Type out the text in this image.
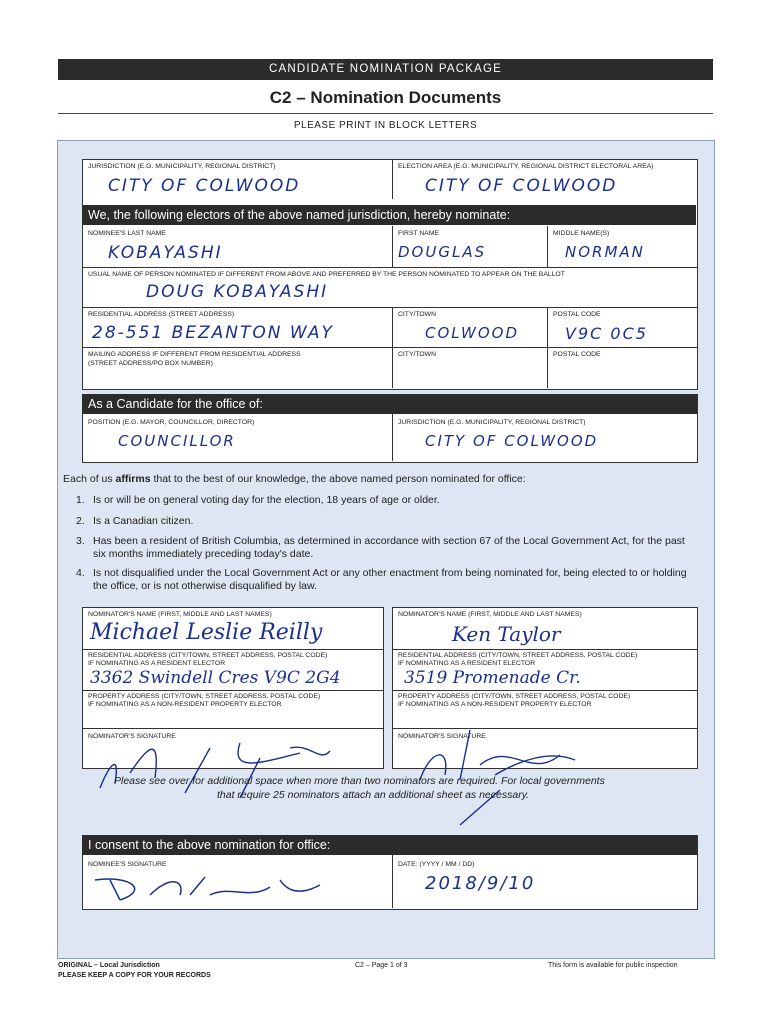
CANDIDATE NOMINATION PACKAGE
C2 – Nomination Documents
PLEASE PRINT IN BLOCK LETTERS
JURISDICTION (E.G. MUNICIPALITY, REGIONAL DISTRICT)
CITY OF COLWOOD
ELECTION AREA (E.G. MUNICIPALITY, REGIONAL DISTRICT ELECTORAL AREA)
CITY OF COLWOOD
We, the following electors of the above named jurisdiction, hereby nominate:
NOMINEE'S LAST NAME
KOBAYASHI
FIRST NAME
DOUGLAS
MIDDLE NAME(S)
NORMAN
USUAL NAME OF PERSON NOMINATED IF DIFFERENT FROM ABOVE AND PREFERRED BY THE PERSON NOMINATED TO APPEAR ON THE BALLOT
DOUG KOBAYASHI
RESIDENTIAL ADDRESS (STREET ADDRESS)
28-551 BEZANTON WAY
CITY/TOWN
COLWOOD
POSTAL CODE
V9C 0C5
MAILING ADDRESS IF DIFFERENT FROM RESIDENTIAL ADDRESS
(STREET ADDRESS/PO BOX NUMBER)
CITY/TOWN	POSTAL CODE
As a Candidate for the office of:
POSITION (E.G. MAYOR, COUNCILLOR, DIRECTOR)
COUNCILLOR
JURISDICTION (E.G. MUNICIPALITY, REGIONAL DISTRICT)
CITY OF COLWOOD
Each of us affirms that to the best of our knowledge, the above named person nominated for office:
1. Is or will be on general voting day for the election, 18 years of age or older.
2. Is a Canadian citizen.
3. Has been a resident of British Columbia, as determined in accordance with section 67 of the Local Government Act, for the past six months immediately preceding today's date.
4. Is not disqualified under the Local Government Act or any other enactment from being nominated for, being elected to or holding the office, or is not otherwise disqualified by law.
NOMINATOR'S NAME (FIRST, MIDDLE AND LAST NAMES)
Michael Leslie Reilly
RESIDENTIAL ADDRESS (CITY/TOWN, STREET ADDRESS, POSTAL CODE)
IF NOMINATING AS A RESIDENT ELECTOR
3362 Swindell Cres V9C 2G4
PROPERTY ADDRESS (CITY/TOWN, STREET ADDRESS, POSTAL CODE)
IF NOMINATING AS A NON-RESIDENT PROPERTY ELECTOR
NOMINATOR'S SIGNATURE
NOMINATOR'S NAME (FIRST, MIDDLE AND LAST NAMES)
Ken Taylor
RESIDENTIAL ADDRESS (CITY/TOWN, STREET ADDRESS, POSTAL CODE)
IF NOMINATING AS A RESIDENT ELECTOR
3519 Promenade Cr.
PROPERTY ADDRESS (CITY/TOWN, STREET ADDRESS, POSTAL CODE)
IF NOMINATING AS A NON-RESIDENT PROPERTY ELECTOR
NOMINATOR'S SIGNATURE
Please see over for additional space when more than two nominators are required. For local governments
that require 25 nominators attach an additional sheet as necessary.
I consent to the above nomination for office:
NOMINEE'S SIGNATURE	DATE: (YYYY / MM / DD)
2018/9/10
ORIGINAL – Local Jurisdiction
PLEASE KEEP A COPY FOR YOUR RECORDS
C2 – Page 1 of 3	This form is available for public inspection
